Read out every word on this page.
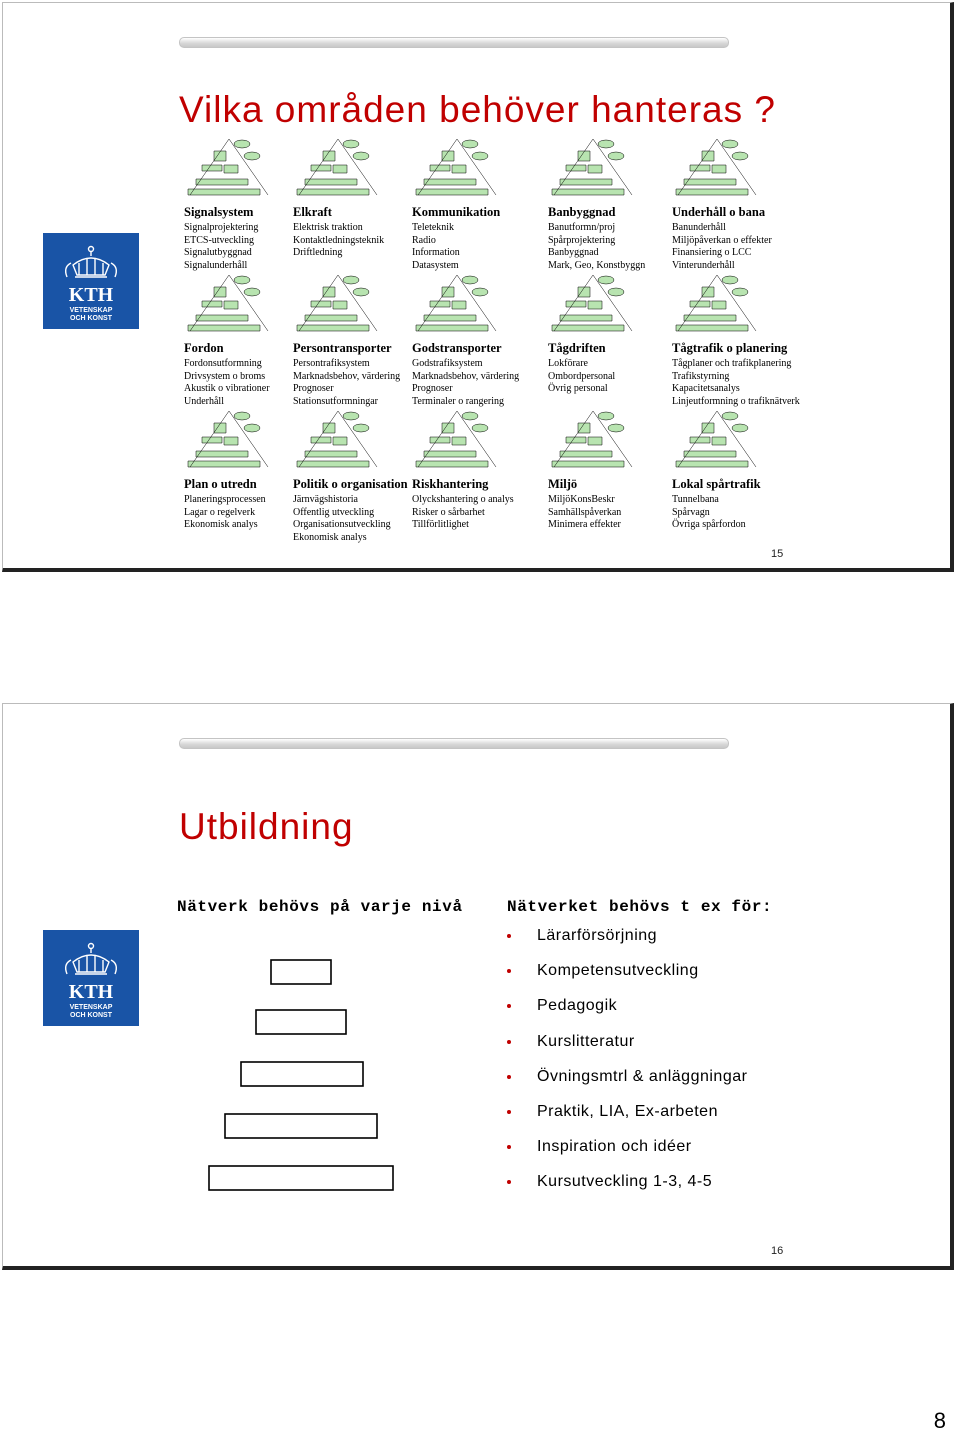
Vilka områden behöver hanteras ?
KTH
VETENSKAP
OCH KONST
Signalsystem
Signalprojektering
ETCS-utveckling
Signalutbyggnad
Signalunderhåll
Elkraft
Elektrisk traktion
Kontaktledningsteknik
Driftledning
Kommunikation
Teleteknik
Radio
Information
Datasystem
Banbyggnad
Banutformn/proj
Spårprojektering
Banbyggnad
Mark, Geo, Konstbyggn
Underhåll o bana
Banunderhåll
Miljöpåverkan o effekter
Finansiering o LCC
Vinterunderhåll
Fordon
Fordonsutformning
Drivsystem o broms
Akustik o vibrationer
Underhåll
Persontransporter
Persontrafiksystem
Marknadsbehov, värdering
Prognoser
Stationsutformningar
Godstransporter
Godstrafiksystem
Marknadsbehov, värdering
Prognoser
Terminaler o rangering
Tågdriften
Lokförare
Ombordpersonal
Övrig personal
Tågtrafik o planering
Tågplaner och trafikplanering
Trafikstyrning
Kapacitetsanalys
Linjeutformning o trafiknätverk
Plan o utredn
Planeringsprocessen
Lagar o regelverk
Ekonomisk analys
Politik o organisation
Järnvägshistoria
Offentlig utveckling
Organisationsutveckling
Ekonomisk analys
Riskhantering
Olyckshantering o analys
Risker o sårbarhet
Tillförlitlighet
Miljö
MiljöKonsBeskr
Samhällspåverkan
Minimera effekter
Lokal spårtrafik
Tunnelbana
Spårvagn
Övriga spårfordon
15
Utbildning
KTH
VETENSKAP
OCH KONST
Nätverk behövs på varje nivå	Nätverket behövs t ex för:
Lärarförsörjning
Kompetensutveckling
Pedagogik
Kurslitteratur
Övningsmtrl & anläggningar
Praktik, LIA, Ex-arbeten
Inspiration och idéer
Kursutveckling 1-3, 4-5
16
8
